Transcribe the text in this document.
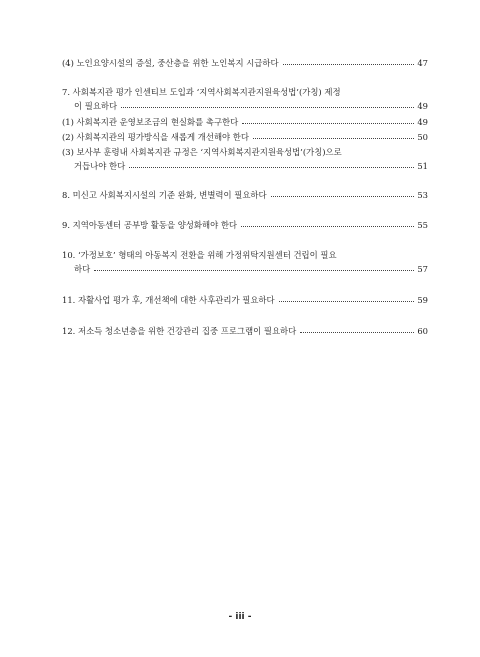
(4) 노인요양시설의 증설, 중산층을 위한 노인복지 시급하다	47
7. 사회복지관 평가 인센티브 도입과 ‘지역사회복지관지원육성법’(가칭) 제정
이 필요하다	49
(1) 사회복지관 운영보조금의 현실화를 촉구한다	49
(2) 사회복지관의 평가방식을 새롭게 개선해야 한다	50
(3) 보사부 훈령내 사회복지관 규정은 ‘지역사회복지관지원육성법’(가칭)으로
거듭나야 한다	51
8. 미신고 사회복지시설의 기준 완화, 변별력이 필요하다	53
9. 지역아동센터 공부방 활동을 양성화해야 한다	55
10. ‘가정보호’ 형태의 아동복지 전환을 위해 가정위탁지원센터 건립이 필요
하다	57
11. 자활사업 평가 후, 개선책에 대한 사후관리가 필요하다	59
12. 저소득 청소년층을 위한 건강관리 집중 프로그램이 필요하다	60
- iii -
